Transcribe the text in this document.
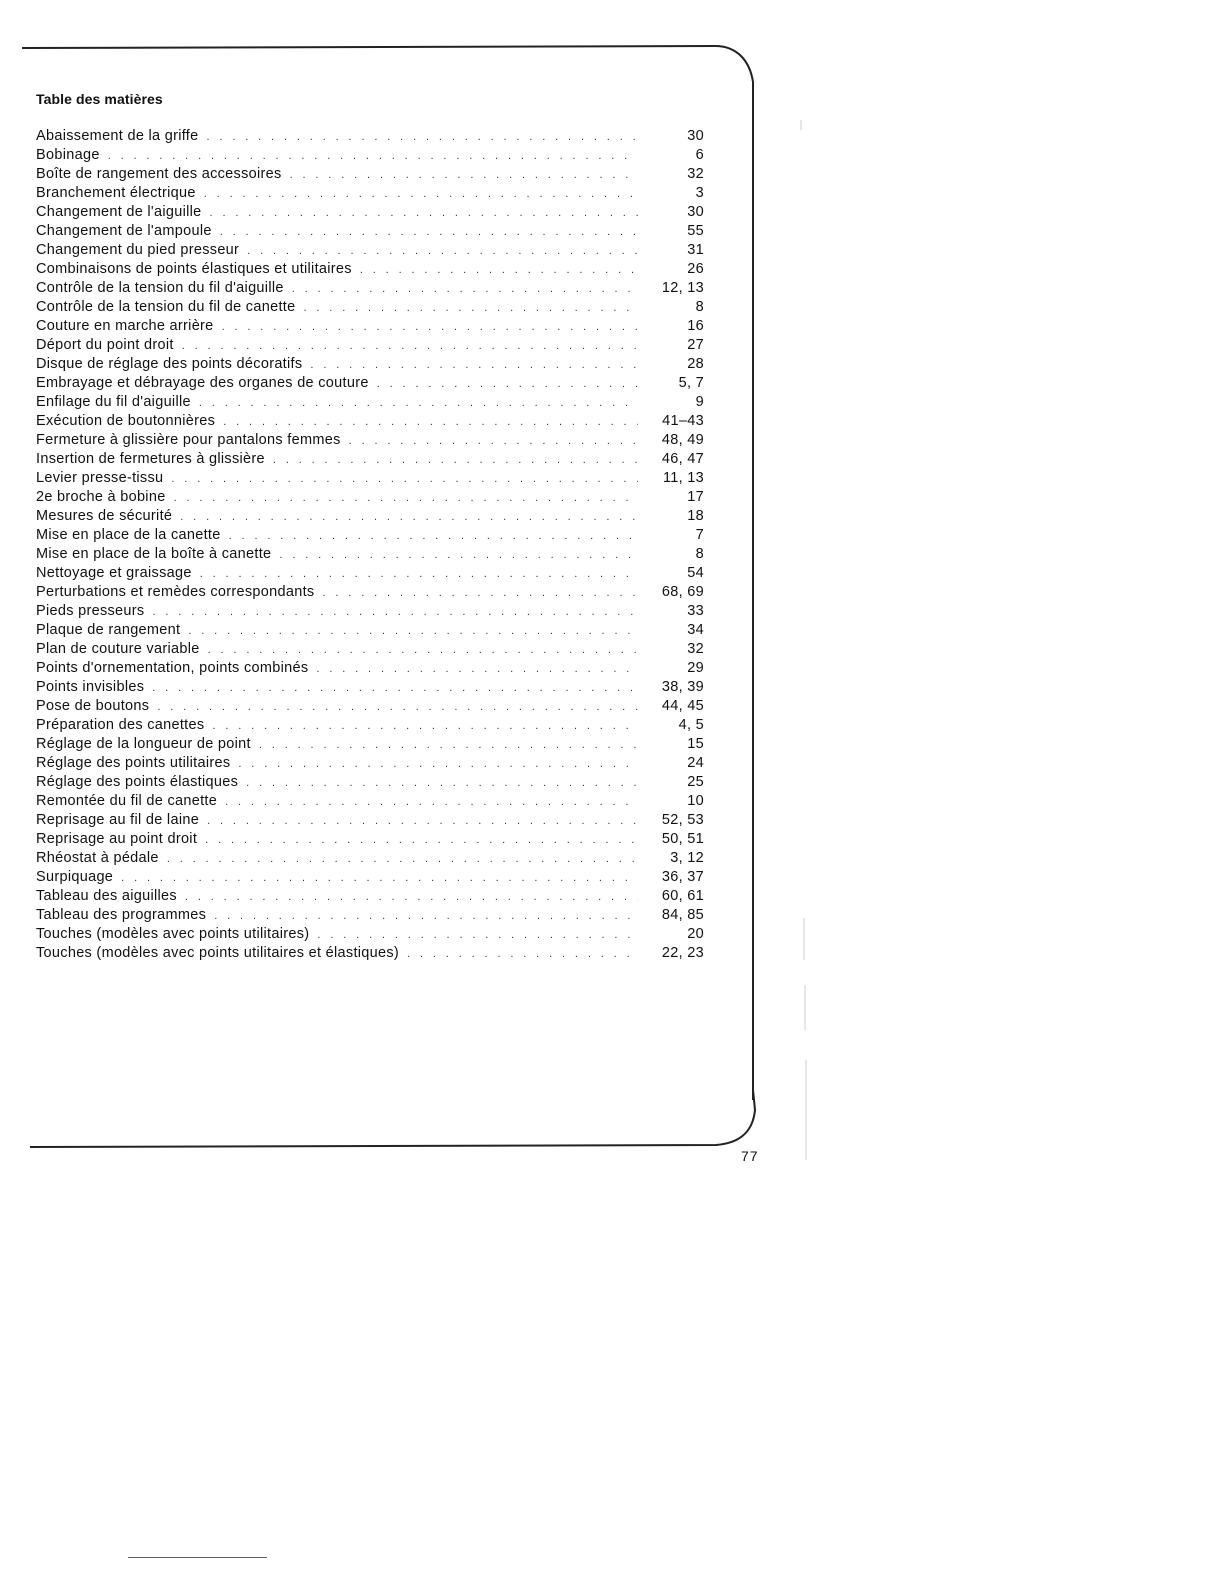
Table des matières
Abaissement de la griffe . . .	30
Bobinage . . .	6
Boîte de rangement des accessoires . . .	32
Branchement électrique . . .	3
Changement de l'aiguille . . .	30
Changement de l'ampoule . . .	55
Changement du pied presseur . . .	31
Combinaisons de points élastiques et utilitaires . . .	26
Contrôle de la tension du fil d'aiguille . . .	12, 13
Contrôle de la tension du fil de canette . . .	8
Couture en marche arrière . . .	16
Déport du point droit . . .	27
Disque de réglage des points décoratifs . . .	28
Embrayage et débrayage des organes de couture . . .	5, 7
Enfilage du fil d'aiguille . . .	9
Exécution de boutonnières . . .	41–43
Fermeture à glissière pour pantalons femmes . . .	48, 49
Insertion de fermetures à glissière . . .	46, 47
Levier presse-tissu . . .	11, 13
2e broche à bobine . . .	17
Mesures de sécurité . . .	18
Mise en place de la canette . . .	7
Mise en place de la boîte à canette . . .	8
Nettoyage et graissage . . .	54
Perturbations et remèdes correspondants . . .	68, 69
Pieds presseurs . . .	33
Plaque de rangement . . .	34
Plan de couture variable . . .	32
Points d'ornementation, points combinés . . .	29
Points invisibles . . .	38, 39
Pose de boutons . . .	44, 45
Préparation des canettes . . .	4, 5
Réglage de la longueur de point . . .	15
Réglage des points utilitaires . . .	24
Réglage des points élastiques . . .	25
Remontée du fil de canette . . .	10
Reprisage au fil de laine . . .	52, 53
Reprisage au point droit . . .	50, 51
Rhéostat à pédale . . .	3, 12
Surpiquage . . .	36, 37
Tableau des aiguilles . . .	60, 61
Tableau des programmes . . .	84, 85
Touches (modèles avec points utilitaires) . . .	20
Touches (modèles avec points utilitaires et élastiques) . . .	22, 23

77
